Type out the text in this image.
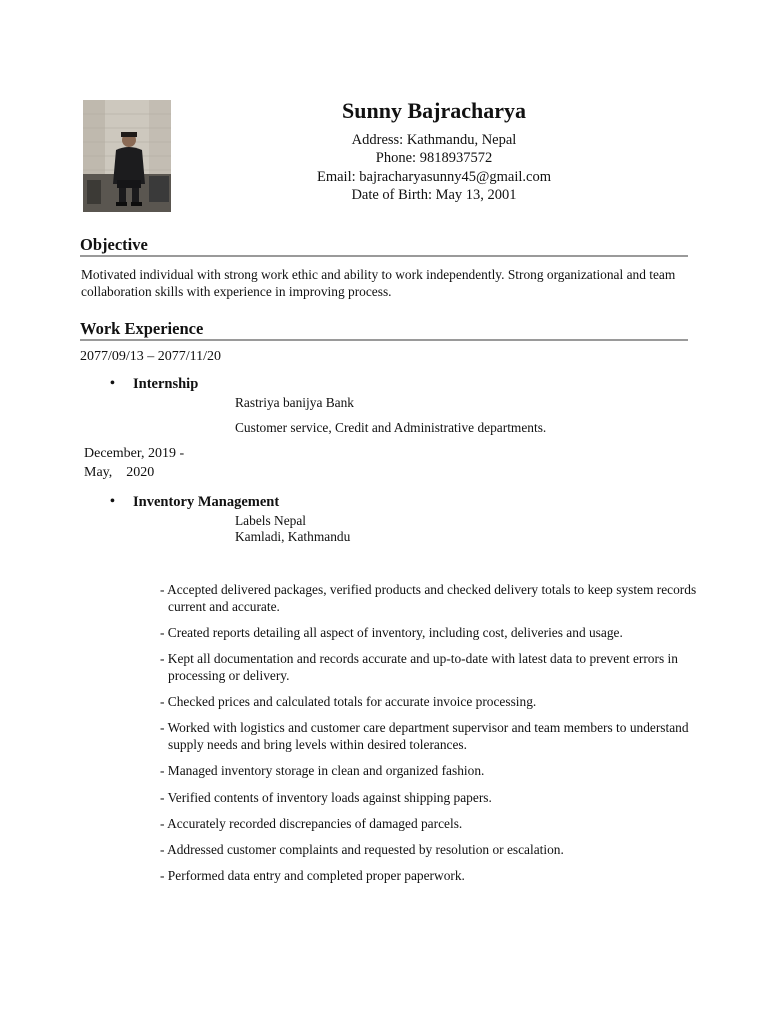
Sunny Bajracharya
Address: Kathmandu, Nepal
Phone: 9818937572
Email: bajracharyasunny45@gmail.com
Date of Birth: May 13, 2001
Objective
Motivated individual with strong work ethic and ability to work independently. Strong organizational and team collaboration skills with experience in improving process.
Work Experience
2077/09/13 – 2077/11/20
• Internship
Rastriya banijya Bank
Customer service, Credit and Administrative departments.
December, 2019 -
May,    2020
• Inventory Management
Labels Nepal
Kamladi, Kathmandu
- Accepted delivered packages, verified products and checked delivery totals to keep system records current and accurate.
- Created reports detailing all aspect of inventory, including cost, deliveries and usage.
- Kept all documentation and records accurate and up-to-date with latest data to prevent errors in processing or delivery.
- Checked prices and calculated totals for accurate invoice processing.
- Worked with logistics and customer care department supervisor and team members to understand supply needs and bring levels within desired tolerances.
- Managed inventory storage in clean and organized fashion.
- Verified contents of inventory loads against shipping papers.
- Accurately recorded discrepancies of damaged parcels.
- Addressed customer complaints and requested by resolution or escalation.
- Performed data entry and completed proper paperwork.
